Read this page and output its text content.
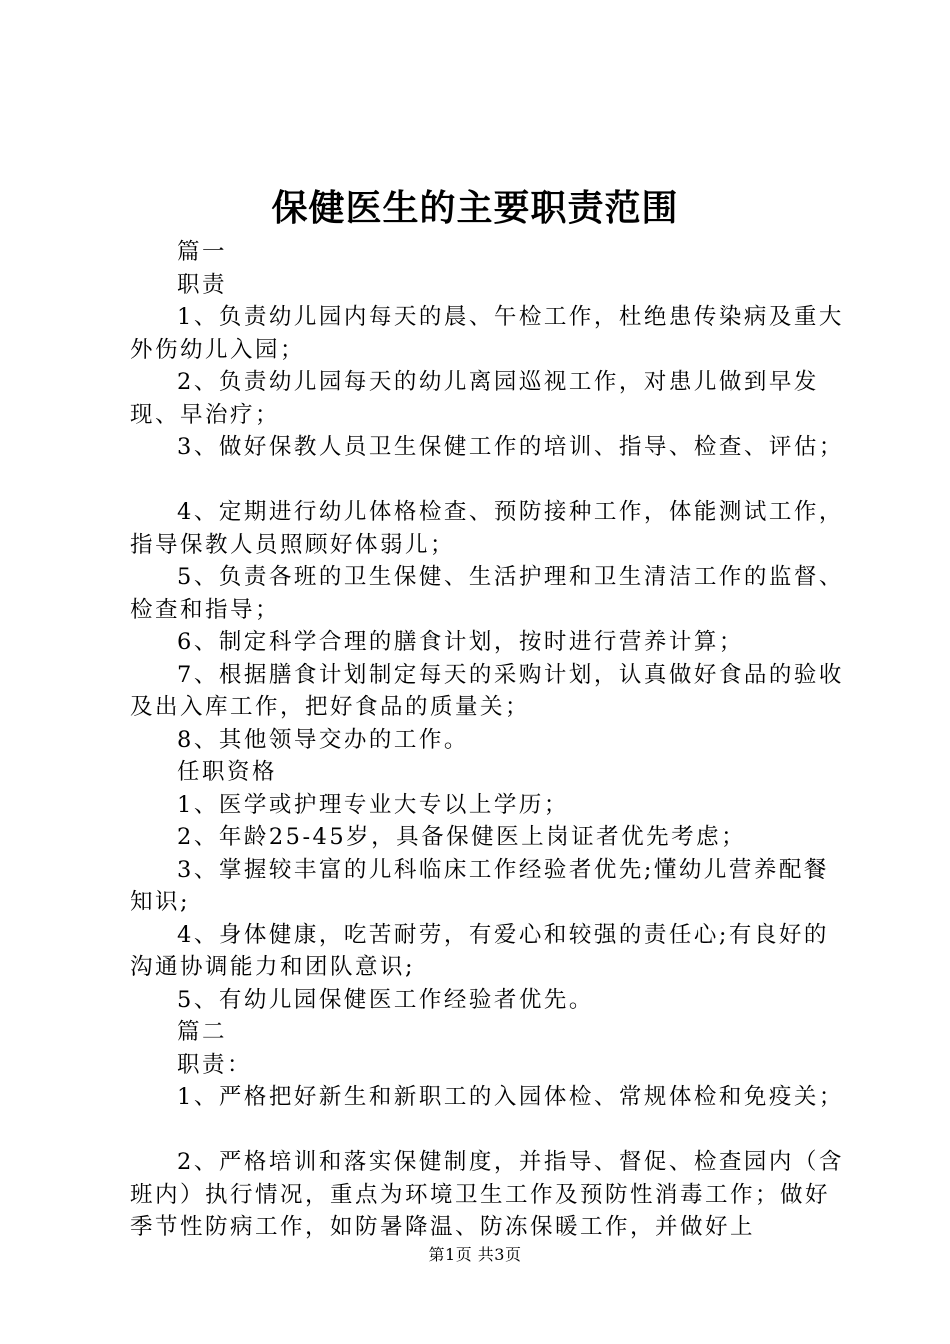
保健医生的主要职责范围

篇一

职责

1、负责幼儿园内每天的晨、午检工作，杜绝患传染病及重大外伤幼儿入园；

2、负责幼儿园每天的幼儿离园巡视工作，对患儿做到早发现、早治疗；

3、做好保教人员卫生保健工作的培训、指导、检查、评估；

4、定期进行幼儿体格检查、预防接种工作，体能测试工作，指导保教人员照顾好体弱儿；

5、负责各班的卫生保健、生活护理和卫生清洁工作的监督、检查和指导；

6、制定科学合理的膳食计划，按时进行营养计算；

7、根据膳食计划制定每天的采购计划，认真做好食品的验收及出入库工作，把好食品的质量关；

8、其他领导交办的工作。

任职资格

1、医学或护理专业大专以上学历；

2、年龄25-45岁，具备保健医上岗证者优先考虑；

3、掌握较丰富的儿科临床工作经验者优先;懂幼儿营养配餐知识;

4、身体健康，吃苦耐劳，有爱心和较强的责任心;有良好的沟通协调能力和团队意识;

5、有幼儿园保健医工作经验者优先。

篇二

职责：

1、严格把好新生和新职工的入园体检、常规体检和免疫关；

2、严格培训和落实保健制度，并指导、督促、检查园内（含班内）执行情况，重点为环境卫生工作及预防性消毒工作；做好季节性防病工作，如防暑降温、防冻保暖工作，并做好上

第1页 共3页
